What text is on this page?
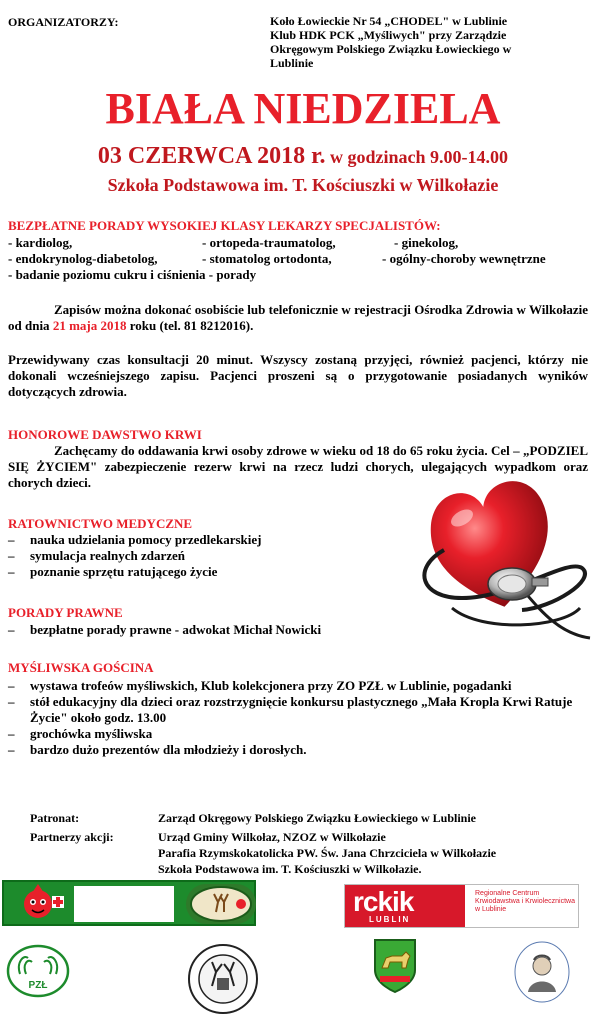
ORGANIZATORZY:	Koło Łowieckie Nr 54 „CHODEL" w Lublinie
Klub HDK PCK „Myśliwych" przy Zarządzie
Okręgowym Polskiego Związku Łowieckiego w
Lublinie
BIAŁA NIEDZIELA
03 CZERWCA 2018 r. w godzinach 9.00-14.00
Szkoła Podstawowa im. T. Kościuszki w Wilkołazie
BEZPŁATNE PORADY WYSOKIEJ KLASY LEKARZY SPECJALISTÓW:
- kardiolog,	- ortopeda-traumatolog,	- ginekolog,
- endokrynolog-diabetolog,	- stomatolog ortodonta,	- ogólny-choroby wewnętrzne
- badanie poziomu cukru i ciśnienia - porady
Zapisów można dokonać osobiście lub telefonicznie w rejestracji Ośrodka Zdrowia w Wilkołazie od dnia 21 maja 2018 roku (tel. 81 8212016).
Przewidywany czas konsultacji 20 minut. Wszyscy zostaną przyjęci, również pacjenci, którzy nie dokonali wcześniejszego zapisu. Pacjenci proszeni są o przygotowanie posiadanych wyników dotyczących zdrowia.
HONOROWE DAWSTWO KRWI
Zachęcamy do oddawania krwi osoby zdrowe w wieku od 18 do 65 roku życia. Cel – „PODZIEL SIĘ ŻYCIEM" zabezpieczenie rezerw krwi na rzecz ludzi chorych, ulegających wypadkom oraz chorych dzieci.
RATOWNICTWO MEDYCZNE
– nauka udzielania pomocy przedlekarskiej
– symulacja realnych zdarzeń
– poznanie sprzętu ratującego życie
PORADY PRAWNE
– bezpłatne porady prawne - adwokat Michał Nowicki
MYŚLIWSKA GOŚCINA
– wystawa trofeów myśliwskich, Klub kolekcjonera przy ZO PZŁ w Lublinie, pogadanki
– stół edukacyjny dla dzieci oraz rozstrzygnięcie konkursu plastycznego „Mała Kropla Krwi Ratuje Życie" około godz. 13.00
– grochówka myśliwska
– bardzo dużo prezentów dla młodzieży i dorosłych.
Patronat:	Zarząd Okręgowy Polskiego Związku Łowieckiego w Lublinie
Partnerzy akcji:	Urząd Gminy Wilkołaz, NZOZ w Wilkołazie
Parafia Rzymskokatolicka PW. Św. Jana Chrzciciela w Wilkołazie
Szkoła Podstawowa im. T. Kościuszki w Wilkołazie.
rckik
LUBLIN
Regionalne Centrum Krwiodawstwa i Krwiolecznictwa w Lublinie
PZŁ
